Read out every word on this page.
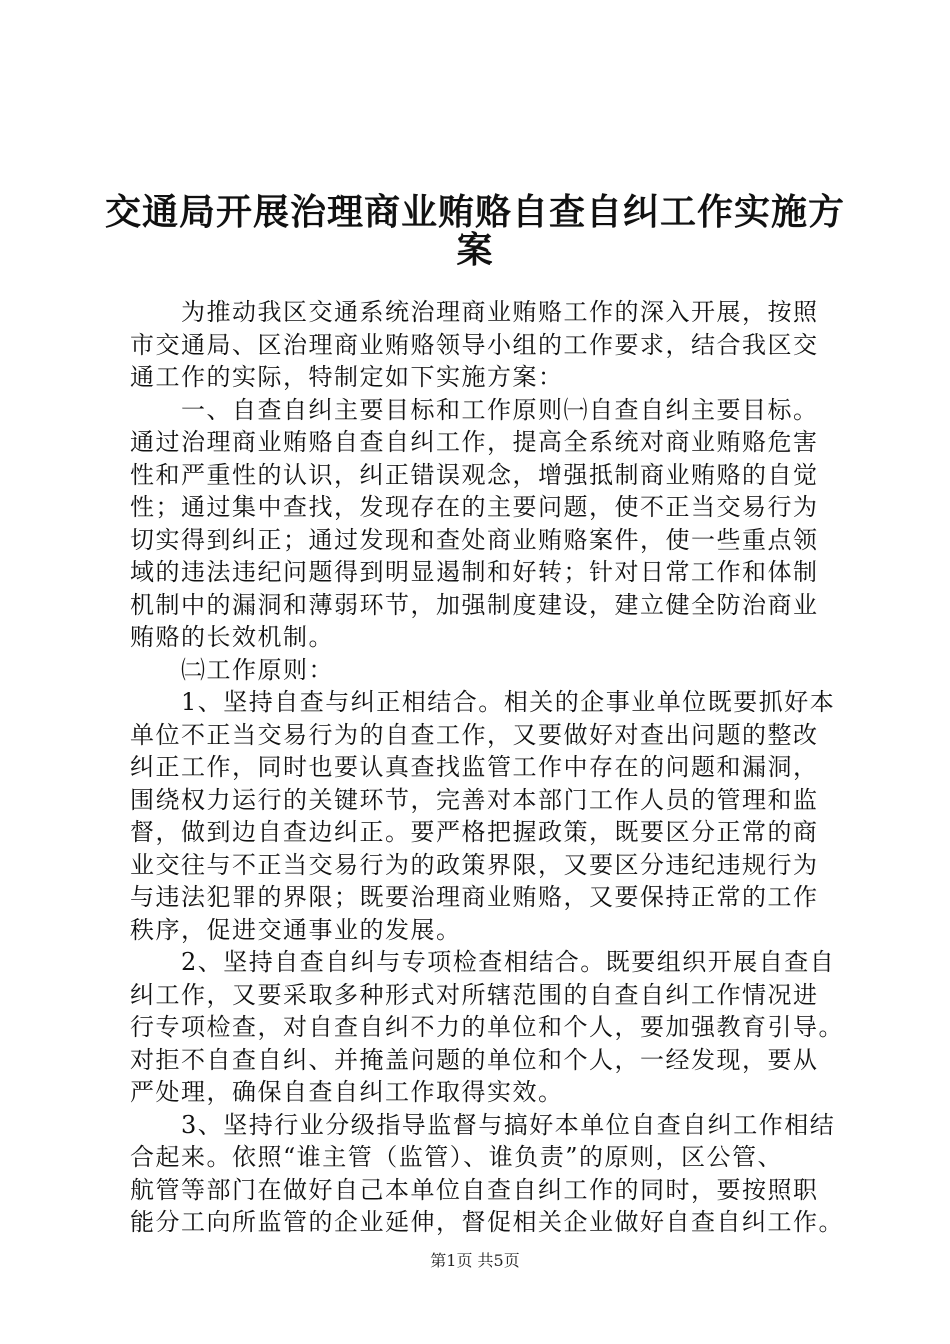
交通局开展治理商业贿赂自查自纠工作实施方
案
　　为推动我区交通系统治理商业贿赂工作的深入开展，按照
市交通局、区治理商业贿赂领导小组的工作要求，结合我区交
通工作的实际，特制定如下实施方案：
　　一、自查自纠主要目标和工作原则㈠自查自纠主要目标。
通过治理商业贿赂自查自纠工作，提高全系统对商业贿赂危害
性和严重性的认识，纠正错误观念，增强抵制商业贿赂的自觉
性；通过集中查找，发现存在的主要问题，使不正当交易行为
切实得到纠正；通过发现和查处商业贿赂案件，使一些重点领
域的违法违纪问题得到明显遏制和好转；针对日常工作和体制
机制中的漏洞和薄弱环节，加强制度建设，建立健全防治商业
贿赂的长效机制。
　　㈡工作原则：
　　1、坚持自查与纠正相结合。相关的企事业单位既要抓好本
单位不正当交易行为的自查工作，又要做好对查出问题的整改
纠正工作，同时也要认真查找监管工作中存在的问题和漏洞，
围绕权力运行的关键环节，完善对本部门工作人员的管理和监
督，做到边自查边纠正。要严格把握政策，既要区分正常的商
业交往与不正当交易行为的政策界限，又要区分违纪违规行为
与违法犯罪的界限；既要治理商业贿赂，又要保持正常的工作
秩序，促进交通事业的发展。
　　2、坚持自查自纠与专项检查相结合。既要组织开展自查自
纠工作，又要采取多种形式对所辖范围的自查自纠工作情况进
行专项检查，对自查自纠不力的单位和个人，要加强教育引导。
对拒不自查自纠、并掩盖问题的单位和个人，一经发现，要从
严处理，确保自查自纠工作取得实效。
　　3、坚持行业分级指导监督与搞好本单位自查自纠工作相结
合起来。依照“谁主管（监管）、谁负责”的原则，区公管、
航管等部门在做好自己本单位自查自纠工作的同时，要按照职
能分工向所监管的企业延伸，督促相关企业做好自查自纠工作。
第1页 共5页
